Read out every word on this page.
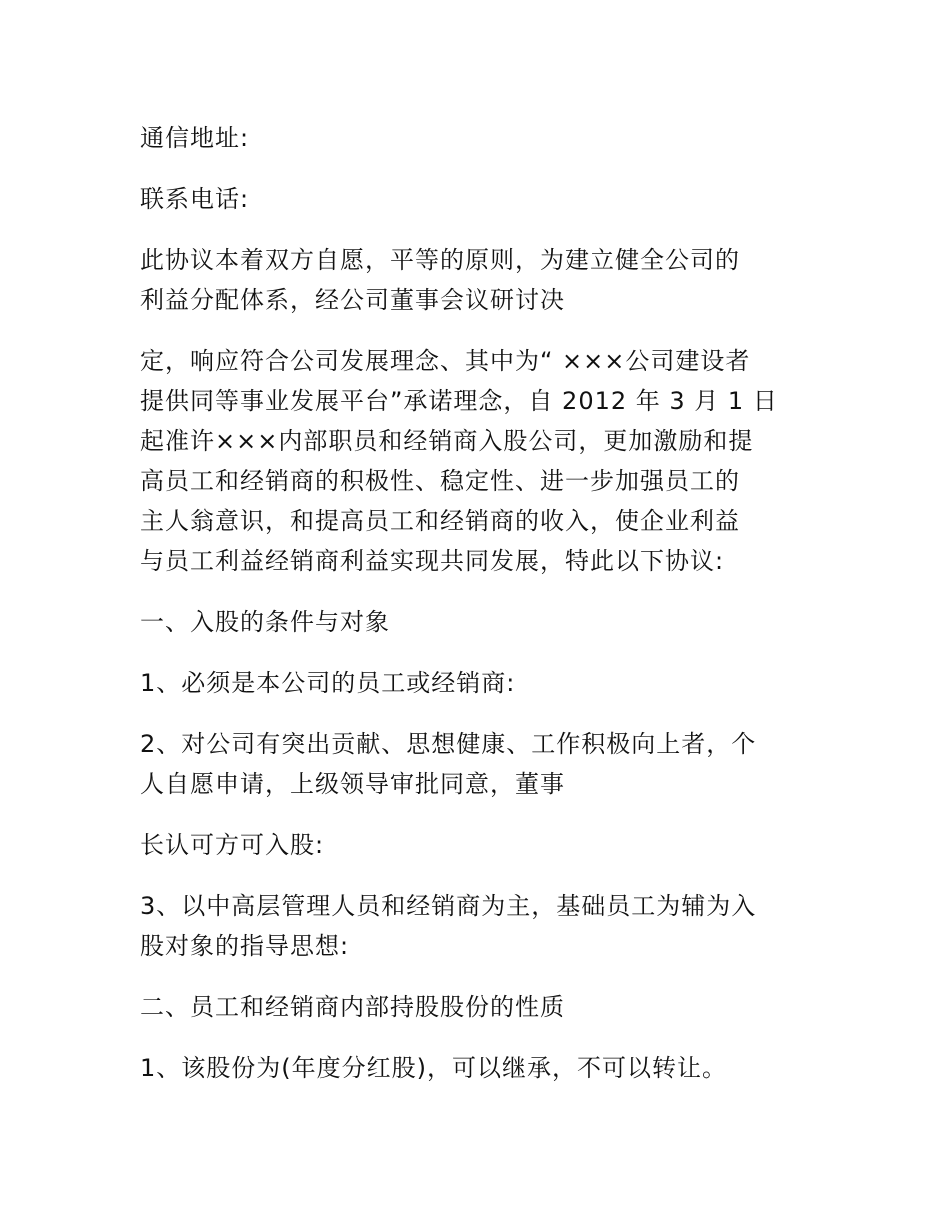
通信地址:

联系电话:

此协议本着双方自愿，平等的原则，为建立健全公司的
利益分配体系，经公司董事会议研讨决

定，响应符合公司发展理念、其中为“ ×××公司建设者
提供同等事业发展平台”承诺理念，自 2012 年 3 月 1 日
起准许×××内部职员和经销商入股公司，更加激励和提
高员工和经销商的积极性、稳定性、进一步加强员工的
主人翁意识，和提高员工和经销商的收入，使企业利益
与员工利益经销商利益实现共同发展，特此以下协议:

一、入股的条件与对象

1、必须是本公司的员工或经销商:

2、对公司有突出贡献、思想健康、工作积极向上者，个
人自愿申请，上级领导审批同意，董事

长认可方可入股:

3、以中高层管理人员和经销商为主，基础员工为辅为入
股对象的指导思想:

二、员工和经销商内部持股股份的性质

1、该股份为(年度分红股)，可以继承，不可以转让。
